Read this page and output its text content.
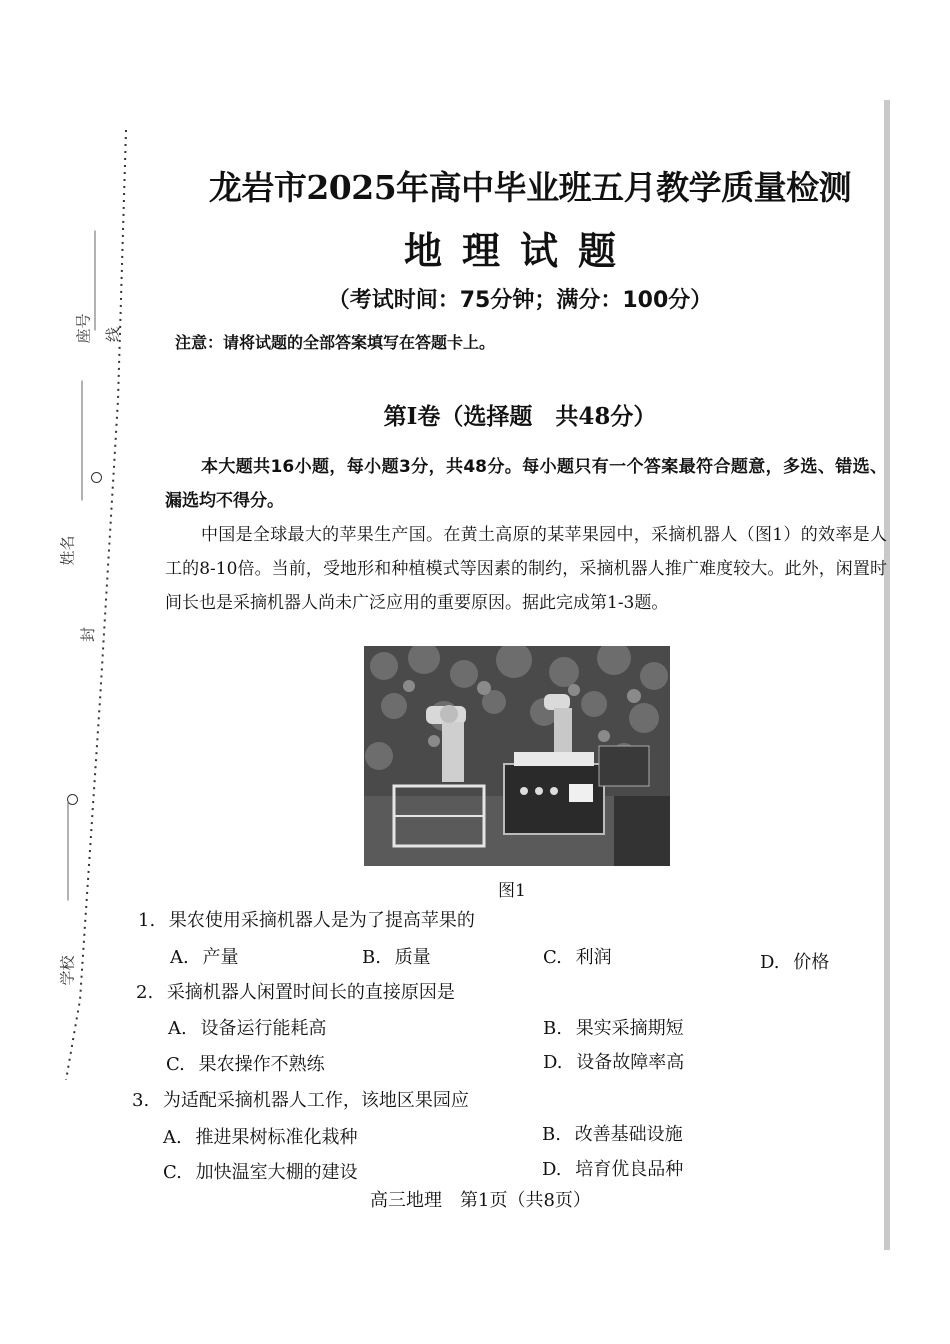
座号 线
姓名
封
学校
龙岩市2025年高中毕业班五月教学质量检测
地理试题
（考试时间：75分钟；满分：100分）
注意：请将试题的全部答案填写在答题卡上。
第Ⅰ卷（选择题　共48分）
本大题共16小题，每小题3分，共48分。每小题只有一个答案最符合题意，多选、错选、漏选均不得分。
中国是全球最大的苹果生产国。在黄土高原的某苹果园中，采摘机器人（图1）的效率是人工的8-10倍。当前，受地形和种植模式等因素的制约，采摘机器人推广难度较大。此外，闲置时间长也是采摘机器人尚未广泛应用的重要原因。据此完成第1-3题。
图1
1. 果农使用采摘机器人是为了提高苹果的
A. 产量	B. 质量	C. 利润	D. 价格
2. 采摘机器人闲置时间长的直接原因是
A. 设备运行能耗高	B. 果实采摘期短
C. 果农操作不熟练	D. 设备故障率高
3. 为适配采摘机器人工作，该地区果园应
A. 推进果树标准化栽种	B. 改善基础设施
C. 加快温室大棚的建设	D. 培育优良品种
高三地理　第1页（共8页）
